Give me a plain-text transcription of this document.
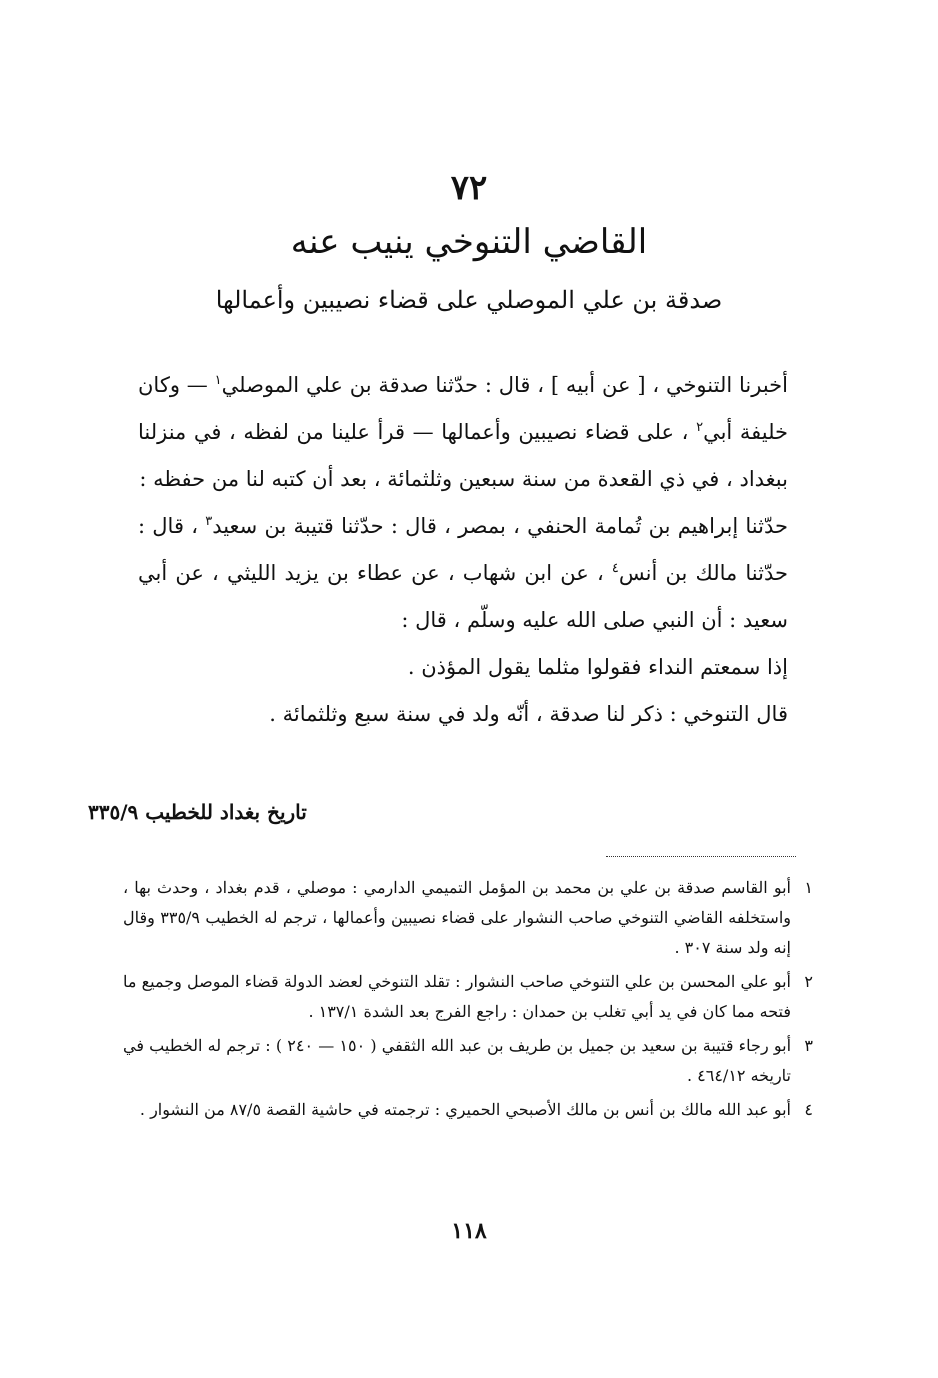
٧٢
القاضي التنوخي ينيب عنه
صدقة بن علي الموصلي على قضاء نصيبين وأعمالها

أخبرنا التنوخي ، [ عن أبيه ] ، قال : حدّثنا صدقة بن علي الموصلي$^١$ — وكان خليفة أبي$^٢$ ، على قضاء نصيبين وأعمالها — قرأ علينا من لفظه ، في منزلنا ببغداد ، في ذي القعدة من سنة سبعين وثلثمائة ، بعد أن كتبه لنا من حفظه :

حدّثنا إبراهيم بن تُمامة الحنفي ، بمصر ، قال : حدّثنا قتيبة بن سعيد$^٣$ ، قال : حدّثنا مالك بن أنس$^٤$ ، عن ابن شهاب ، عن عطاء بن يزيد الليثي ، عن أبي سعيد : أن النبي صلى الله عليه وسلّم ، قال :

إذا سمعتم النداء فقولوا مثلما يقول المؤذن .

قال التنوخي : ذكر لنا صدقة ، أنّه ولد في سنة سبع وثلثمائة .

تاريخ بغداد للخطيب ٣٣٥/٩
١
أبو القاسم صدقة بن علي بن محمد بن المؤمل التميمي الدارمي : موصلي ، قدم بغداد ، وحدث بها ، واستخلفه القاضي التنوخي صاحب النشوار على قضاء نصيبين وأعمالها ، ترجم له الخطيب ٣٣٥/٩ وقال إنه ولد سنة ٣٠٧ .
٢
أبو علي المحسن بن علي التنوخي صاحب النشوار : تقلد التنوخي لعضد الدولة قضاء الموصل وجميع ما فتحه مما كان في يد أبي تغلب بن حمدان : راجع الفرج بعد الشدة ١٣٧/١ .
٣
أبو رجاء قتيبة بن سعيد بن جميل بن طريف بن عبد الله الثقفي ( ١٥٠ — ٢٤٠ ) : ترجم له الخطيب في تاريخه ٤٦٤/١٢ .
٤
أبو عبد الله مالك بن أنس بن مالك الأصبحي الحميري : ترجمته في حاشية القصة ٨٧/٥ من النشوار .
١١٨
